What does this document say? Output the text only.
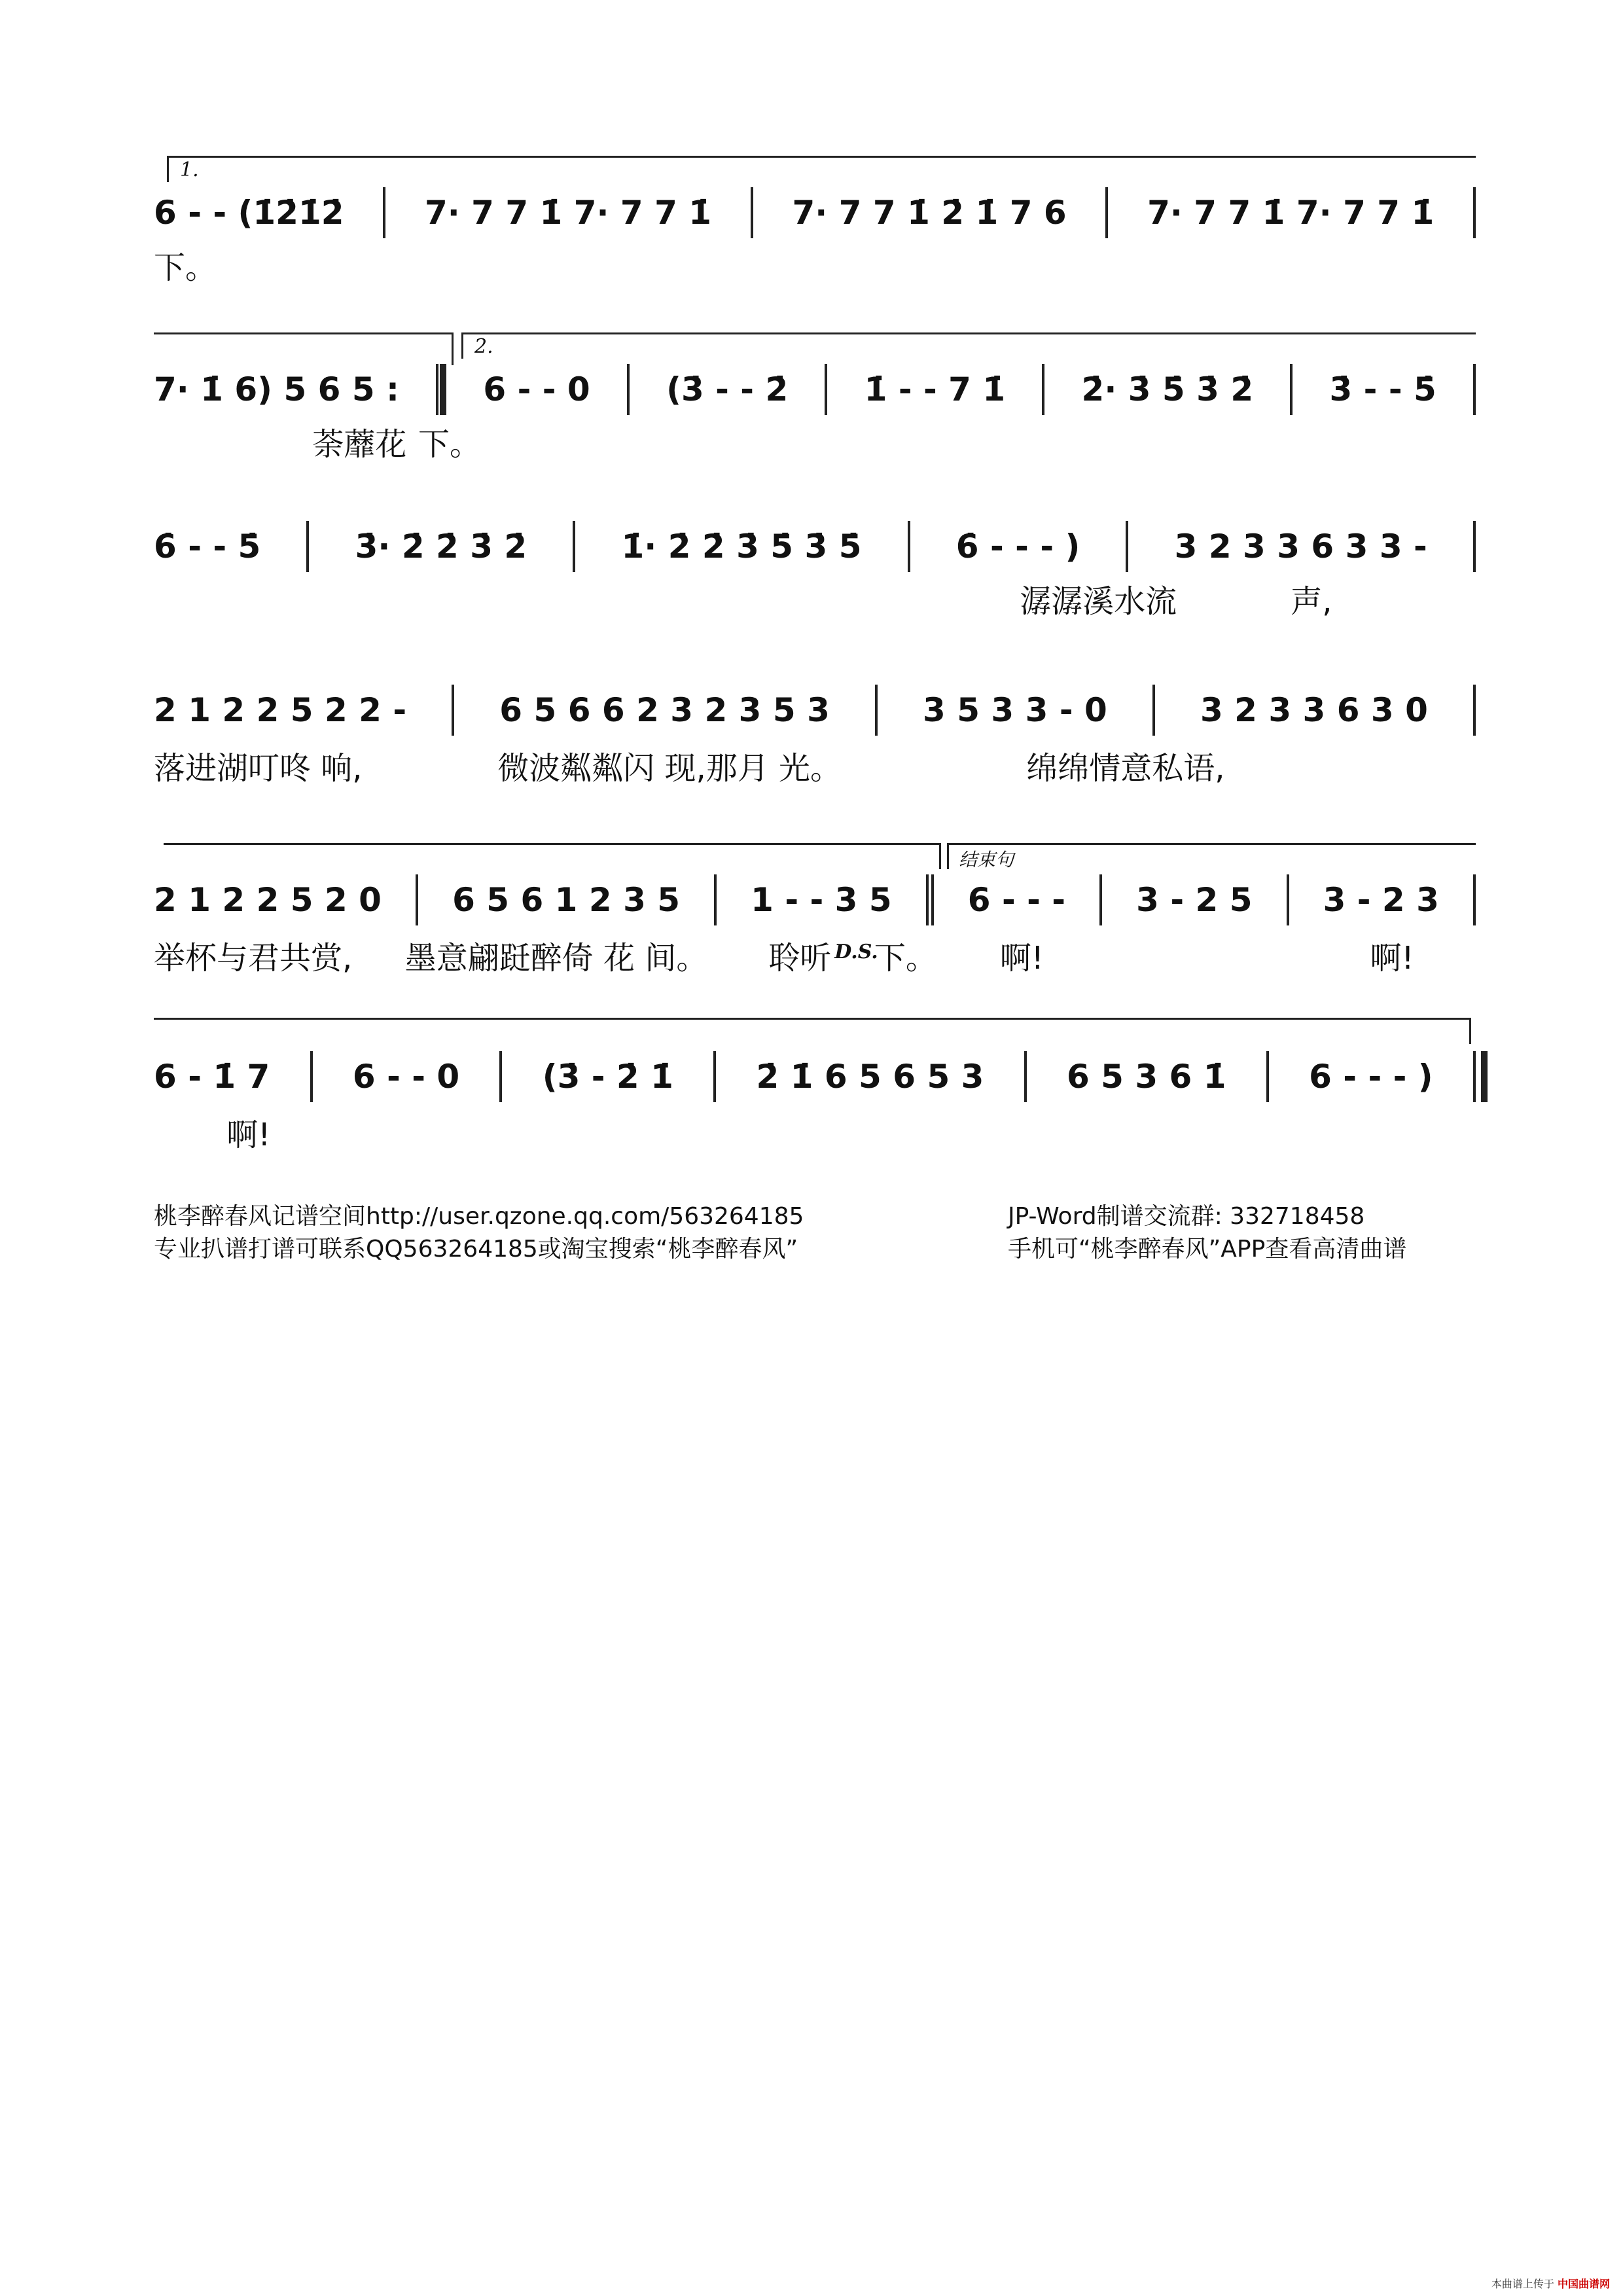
1.
6 - - (1̇2̇1̇2̇ 7· 7 7 1̇ 7· 7 7 1̇ 7· 7 7 1̇ 2̇ 1̇ 7 6 7· 7 7 1̇ 7· 7 7 1̇
下。
2.
7· 1̇ 6) 5 6 5 :	6 - - 0 (3̇ - - 2̇ 1̇ - - 7 1̇ 2̇· 3̇ 5̇ 3̇ 2̇ 3̇ - - 5̇
荼蘼花 下。
6̇ - - 5̇	3̇· 2̇ 2̇ 3̇ 2̇	1̇· 2̇ 2̇ 3̇ 5̇ 3̇ 5̇	6̇ - - - )	3 2 3 3 6 3 3 -
潺潺溪水流	声,
2 1 2 2 5 2 2 -	6 5 6 6 2 3 2 3 5 3	3 5 3 3 - 0	3 2 3 3 6 3 0
落进湖叮咚 响,	微波粼粼闪 现,那月 光。	绵绵情意私语,
结束句
2 1 2 2 5 2 0 6 5 6 1 2 3 5 1 - - 3 5 6 - - - 3 - 2 5 3 - 2 3
举杯与君共赏, 墨意翩跹醉倚 花 间。 聆听 D.S.
下。 啊!	啊!
6 - 1̇ 7	6 - - 0	(3̇ - 2̇ 1̇	2̇ 1̇ 6 5 6 5 3	6 5 3 6 1̇	6 - - - )
啊!
桃李醉春风记谱空间http://user.qzone.qq.com/563264185	JP-Word制谱交流群: 332718458
专业扒谱打谱可联系QQ563264185或淘宝搜索“桃李醉春风”	手机可“桃李醉春风”APP查看高清曲谱
本曲谱上传于 中国曲谱网
